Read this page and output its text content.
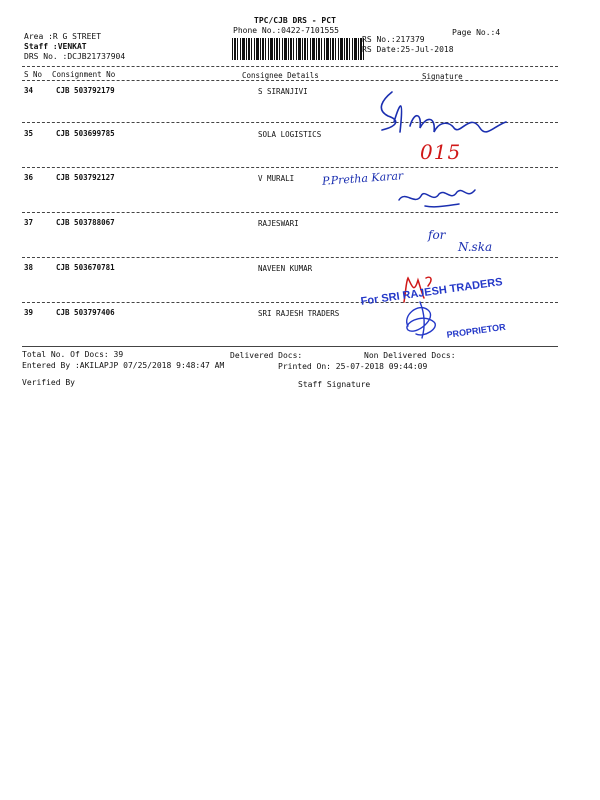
TPC/CJB DRS - PCT
Phone No.:0422-7101555
Area :R G STREET
Staff :VENKAT
DRS No. :DCJB21737904
RS No.:217379
RS Date:25-Jul-2018
Page No.:4
S No Consignment No	Consignee Details	Signature
34	CJB 503792179	S SIRANJIVI
35	CJB 503699785	SOLA LOGISTICS
36	CJB 503792127	V MURALI
37	CJB 503788067	RAJESWARI
38	CJB 503670781	NAVEEN KUMAR
39	CJB 503797406	SRI RAJESH TRADERS
Total No. Of Docs: 39	Delivered Docs:	Non Delivered Docs:
Entered By :AKILAPJP 07/25/2018 9:48:47 AM	Printed On: 25-07-2018 09:44:09
Verified By	Staff Signature
015
P.Pretha Karar
for
N.ska
For SRI RAJESH TRADERS
PROPRIETOR
